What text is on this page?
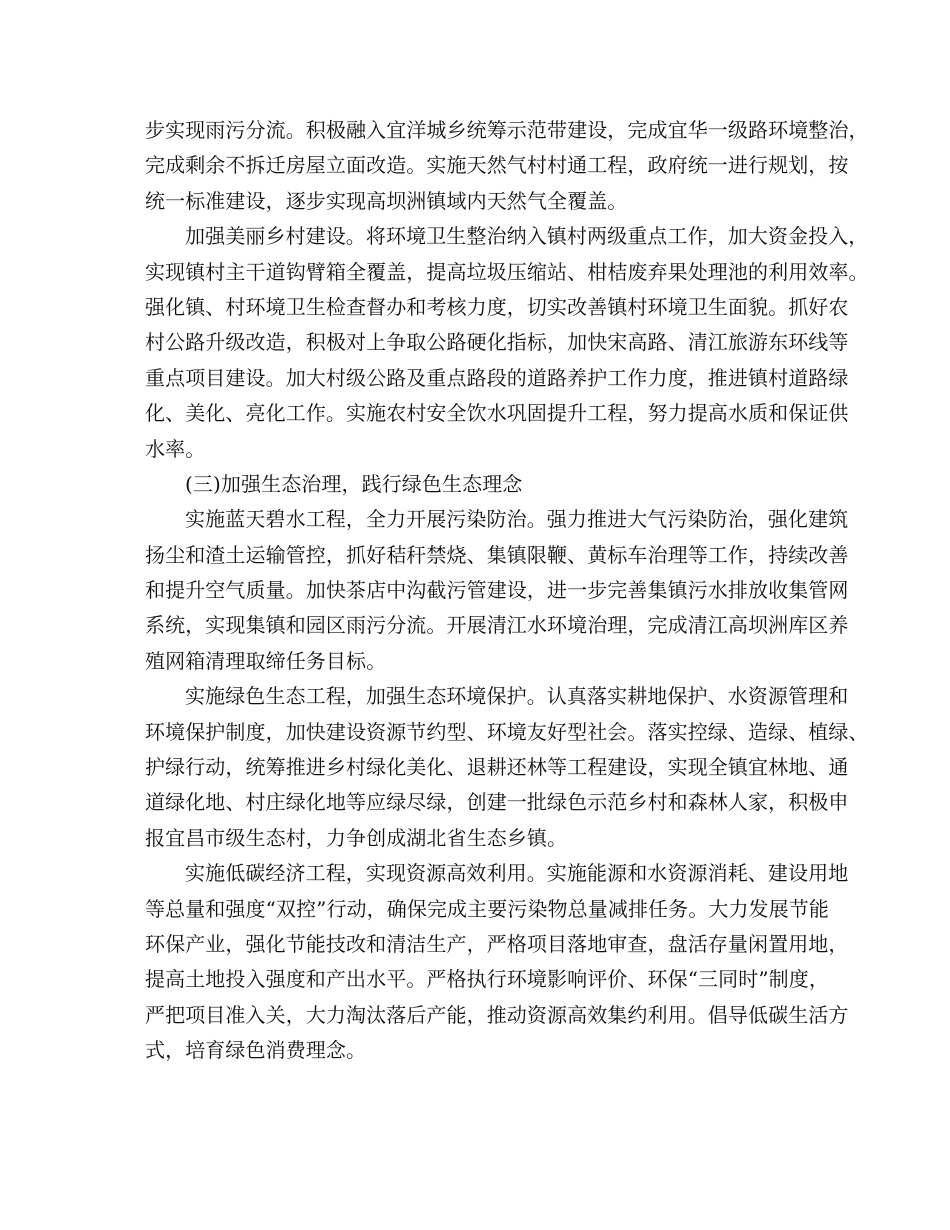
步实现雨污分流。积极融入宜洋城乡统筹示范带建设，完成宜华一级路环境整治，
完成剩余不拆迁房屋立面改造。实施天然气村村通工程，政府统一进行规划，按
统一标准建设，逐步实现高坝洲镇域内天然气全覆盖。
加强美丽乡村建设。将环境卫生整治纳入镇村两级重点工作，加大资金投入，
实现镇村主干道钩臂箱全覆盖，提高垃圾压缩站、柑桔废弃果处理池的利用效率。
强化镇、村环境卫生检查督办和考核力度，切实改善镇村环境卫生面貌。抓好农
村公路升级改造，积极对上争取公路硬化指标，加快宋高路、清江旅游东环线等
重点项目建设。加大村级公路及重点路段的道路养护工作力度，推进镇村道路绿
化、美化、亮化工作。实施农村安全饮水巩固提升工程，努力提高水质和保证供
水率。
(三)加强生态治理，践行绿色生态理念
实施蓝天碧水工程，全力开展污染防治。强力推进大气污染防治，强化建筑
扬尘和渣土运输管控，抓好秸秆禁烧、集镇限鞭、黄标车治理等工作，持续改善
和提升空气质量。加快茶店中沟截污管建设，进一步完善集镇污水排放收集管网
系统，实现集镇和园区雨污分流。开展清江水环境治理，完成清江高坝洲库区养
殖网箱清理取缔任务目标。
实施绿色生态工程，加强生态环境保护。认真落实耕地保护、水资源管理和
环境保护制度，加快建设资源节约型、环境友好型社会。落实控绿、造绿、植绿、
护绿行动，统筹推进乡村绿化美化、退耕还林等工程建设，实现全镇宜林地、通
道绿化地、村庄绿化地等应绿尽绿，创建一批绿色示范乡村和森林人家，积极申
报宜昌市级生态村，力争创成湖北省生态乡镇。
实施低碳经济工程，实现资源高效利用。实施能源和水资源消耗、建设用地
等总量和强度“双控”行动，确保完成主要污染物总量减排任务。大力发展节能
环保产业，强化节能技改和清洁生产，严格项目落地审查，盘活存量闲置用地，
提高土地投入强度和产出水平。严格执行环境影响评价、环保“三同时”制度，
严把项目准入关，大力淘汰落后产能，推动资源高效集约利用。倡导低碳生活方
式，培育绿色消费理念。
